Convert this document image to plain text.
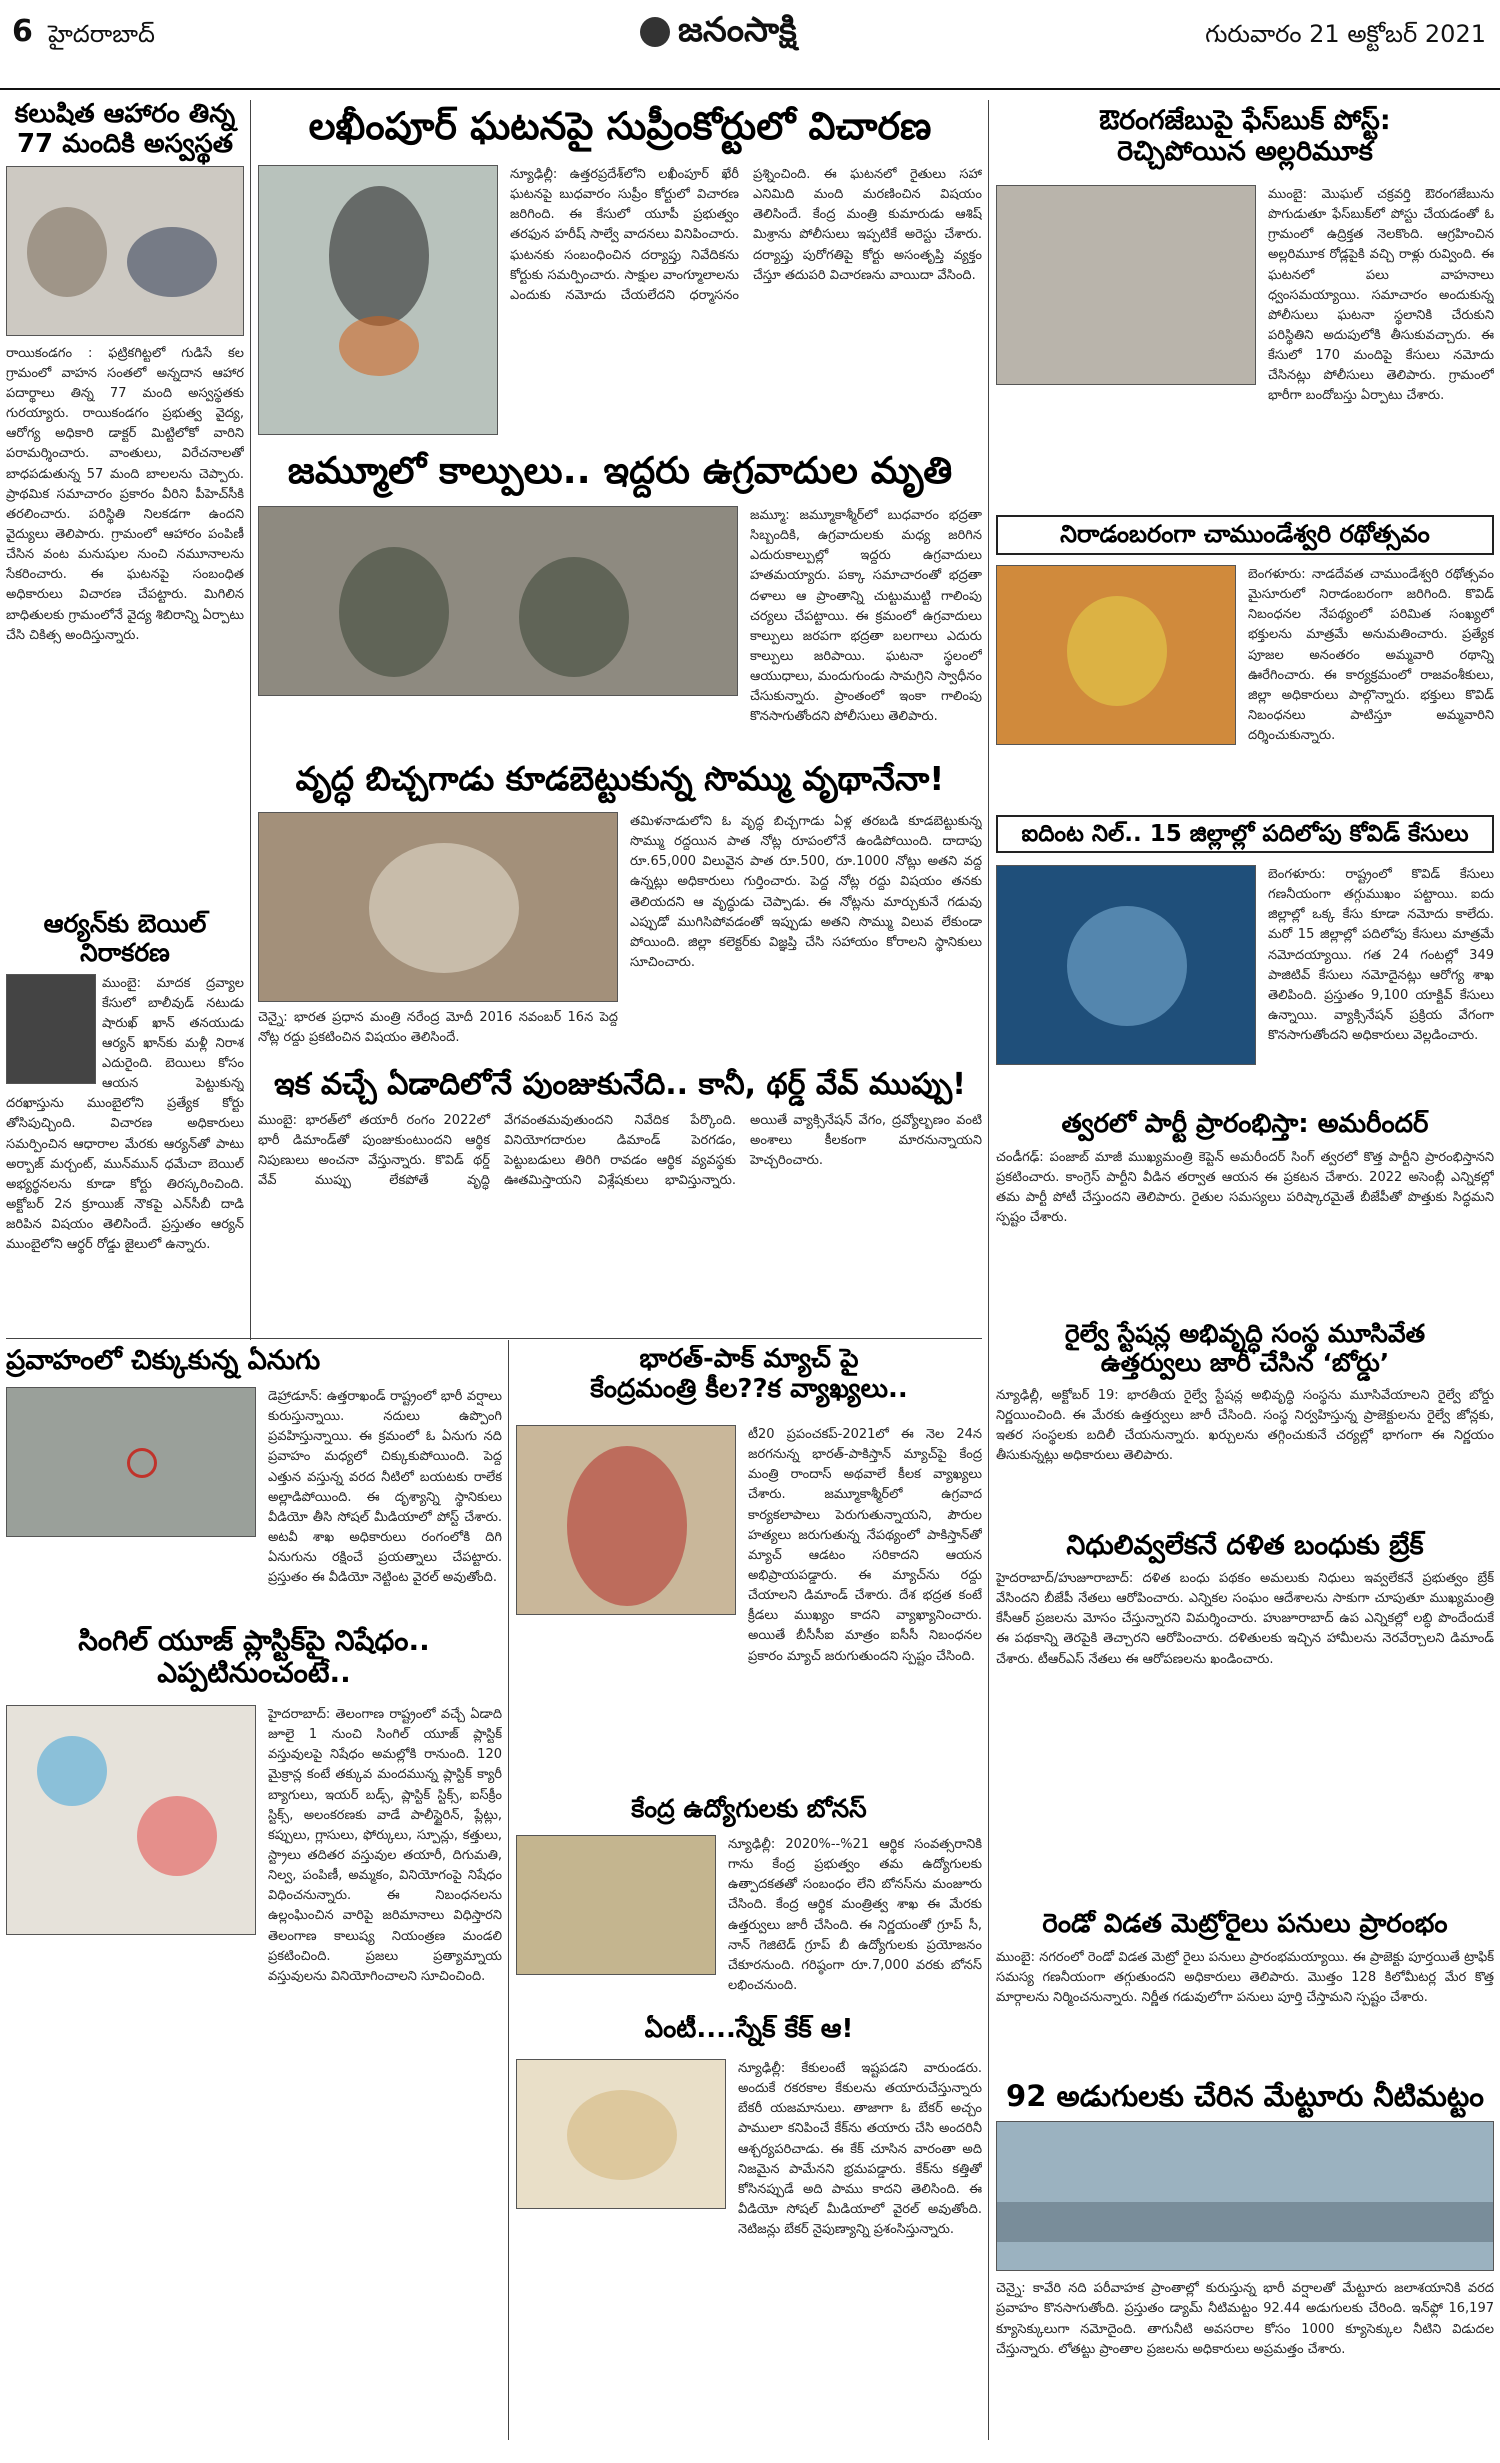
6 హైదరాబాద్	జనంసాక్షి	గురువారం 21 అక్టోబర్ 2021
కలుషిత ఆహారం తిన్న
77 మందికి అస్వస్థత
రాయికండగం : ఫట్రికగిట్టలో గుడిసే కల గ్రామంలో వాహన సంతలో అన్నదాన ఆహార పదార్థాలు తిన్న 77 మంది అస్వస్థతకు గురయ్యారు. రాయికండగం ప్రభుత్వ వైద్య, ఆరోగ్య అధికారి డాక్టర్ మిట్టిలోకో వారిని పరామర్శించారు. వాంతులు, విరేచనాలతో బాధపడుతున్న 57 మంది బాలలను చెప్పారు. ప్రాథమిక సమాచారం ప్రకారం వీరిని పీహెచ్‌సీకి తరలించారు. పరిస్థితి నిలకడగా ఉందని వైద్యులు తెలిపారు. గ్రామంలో ఆహారం పంపిణీ చేసిన వంట మనుషుల నుంచి నమూనాలను సేకరించారు. ఈ ఘటనపై సంబంధిత అధికారులు విచారణ చేపట్టారు. మిగిలిన బాధితులకు గ్రామంలోనే వైద్య శిబిరాన్ని ఏర్పాటు చేసి చికిత్స అందిస్తున్నారు.
ఆర్యన్‌కు బెయిల్
నిరాకరణ
ముంబై: మాదక ద్రవ్యాల కేసులో బాలీవుడ్ నటుడు షారుఖ్ ఖాన్ తనయుడు ఆర్యన్ ఖాన్‌కు మళ్లీ నిరాశ ఎదురైంది. బెయిలు కోసం ఆయన పెట్టుకున్న దరఖాస్తును ముంబైలోని ప్రత్యేక కోర్టు తోసిపుచ్చింది. విచారణ అధికారులు సమర్పించిన ఆధారాల మేరకు ఆర్యన్‌తో పాటు అర్బాజ్ మర్చంట్, మున్‌మున్ ధమేచా బెయిల్ అభ్యర్థనలను కూడా కోర్టు తిరస్కరించింది. అక్టోబర్ 2న క్రూయిజ్ నౌకపై ఎన్‌సీబీ దాడి జరిపిన విషయం తెలిసిందే. ప్రస్తుతం ఆర్యన్ ముంబైలోని ఆర్థర్ రోడ్డు జైలులో ఉన్నారు.
లఖీంపూర్ ఘటనపై సుప్రీంకోర్టులో విచారణ
న్యూఢిల్లీ: ఉత్తరప్రదేశ్‌లోని లఖీంపూర్ ఖేరీ ఘటనపై బుధవారం సుప్రీం కోర్టులో విచారణ జరిగింది. ఈ కేసులో యూపీ ప్రభుత్వం తరఫున హరీష్ సాల్వే వాదనలు వినిపించారు. ఘటనకు సంబంధించిన దర్యాప్తు నివేదికను కోర్టుకు సమర్పించారు. సాక్షుల వాంగ్మూలాలను ఎందుకు నమోదు చేయలేదని ధర్మాసనం ప్రశ్నించింది. ఈ ఘటనలో రైతులు సహా ఎనిమిది మంది మరణించిన విషయం తెలిసిందే. కేంద్ర మంత్రి కుమారుడు ఆశిష్ మిశ్రాను పోలీసులు ఇప్పటికే అరెస్టు చేశారు. దర్యాప్తు పురోగతిపై కోర్టు అసంతృప్తి వ్యక్తం చేస్తూ తదుపరి విచారణను వాయిదా వేసింది.
జమ్మూలో కాల్పులు.. ఇద్దరు ఉగ్రవాదుల మృతి
జమ్మూ: జమ్మూకాశ్మీర్‌లో బుధవారం భద్రతా సిబ్బందికి, ఉగ్రవాదులకు మధ్య జరిగిన ఎదురుకాల్పుల్లో ఇద్దరు ఉగ్రవాదులు హతమయ్యారు. పక్కా సమాచారంతో భద్రతా దళాలు ఆ ప్రాంతాన్ని చుట్టుముట్టి గాలింపు చర్యలు చేపట్టాయి. ఈ క్రమంలో ఉగ్రవాదులు కాల్పులు జరపగా భద్రతా బలగాలు ఎదురు కాల్పులు జరిపాయి. ఘటనా స్థలంలో ఆయుధాలు, మందుగుండు సామగ్రిని స్వాధీనం చేసుకున్నారు. ప్రాంతంలో ఇంకా గాలింపు కొనసాగుతోందని పోలీసులు తెలిపారు.
వృద్ధ బిచ్చగాడు కూడబెట్టుకున్న సొమ్ము వృథానేనా!
చెన్నై: భారత ప్రధాన మంత్రి నరేంద్ర మోదీ 2016 నవంబర్ 16న పెద్ద నోట్ల రద్దు ప్రకటించిన విషయం తెలిసిందే.
తమిళనాడులోని ఓ వృద్ధ బిచ్చగాడు ఏళ్ల తరబడి కూడబెట్టుకున్న సొమ్ము రద్దయిన పాత నోట్ల రూపంలోనే ఉండిపోయింది. దాదాపు రూ.65,000 విలువైన పాత రూ.500, రూ.1000 నోట్లు అతని వద్ద ఉన్నట్లు అధికారులు గుర్తించారు. పెద్ద నోట్ల రద్దు విషయం తనకు తెలియదని ఆ వృద్ధుడు చెప్పాడు. ఈ నోట్లను మార్చుకునే గడువు ఎప్పుడో ముగిసిపోవడంతో ఇప్పుడు అతని సొమ్ము విలువ లేకుండా పోయింది. జిల్లా కలెక్టర్‌కు విజ్ఞప్తి చేసి సహాయం కోరాలని స్థానికులు సూచించారు.
ఇక వచ్చే ఏడాదిలోనే పుంజుకునేది.. కానీ, థర్డ్ వేవ్ ముప్పు!
ముంబై: భారత్‌లో తయారీ రంగం 2022లో భారీ డిమాండ్‌తో పుంజుకుంటుందని ఆర్థిక నిపుణులు అంచనా వేస్తున్నారు. కొవిడ్ థర్డ్ వేవ్ ముప్పు లేకపోతే వృద్ధి వేగవంతమవుతుందని నివేదిక పేర్కొంది. వినియోగదారుల డిమాండ్ పెరగడం, పెట్టుబడులు తిరిగి రావడం ఆర్థిక వ్యవస్థకు ఊతమిస్తాయని విశ్లేషకులు భావిస్తున్నారు. అయితే వ్యాక్సినేషన్ వేగం, ద్రవ్యోల్బణం వంటి అంశాలు కీలకంగా మారనున్నాయని హెచ్చరించారు.
ప్రవాహంలో చిక్కుకున్న ఏనుగు
డెహ్రాడూన్: ఉత్తరాఖండ్ రాష్ట్రంలో భారీ వర్షాలు కురుస్తున్నాయి. నదులు ఉప్పొంగి ప్రవహిస్తున్నాయి. ఈ క్రమంలో ఓ ఏనుగు నది ప్రవాహం మధ్యలో చిక్కుకుపోయింది. పెద్ద ఎత్తున వస్తున్న వరద నీటిలో బయటకు రాలేక అల్లాడిపోయింది. ఈ దృశ్యాన్ని స్థానికులు వీడియో తీసి సోషల్ మీడియాలో పోస్ట్ చేశారు. అటవీ శాఖ అధికారులు రంగంలోకి దిగి ఏనుగును రక్షించే ప్రయత్నాలు చేపట్టారు. ప్రస్తుతం ఈ వీడియో నెట్టింట వైరల్ అవుతోంది.
సింగిల్ యూజ్ ప్లాస్టిక్‌పై నిషేధం..
ఎప్పటినుంచంటే..
హైదరాబాద్: తెలంగాణ రాష్ట్రంలో వచ్చే ఏడాది జూలై 1 నుంచి సింగిల్ యూజ్ ప్లాస్టిక్ వస్తువులపై నిషేధం అమల్లోకి రానుంది. 120 మైక్రాన్ల కంటే తక్కువ మందమున్న ప్లాస్టిక్ క్యారీ బ్యాగులు, ఇయర్ బడ్స్, ప్లాస్టిక్ స్టిక్స్, ఐస్‌క్రీం స్టిక్స్, అలంకరణకు వాడే పాలీస్టైరిన్, ప్లేట్లు, కప్పులు, గ్లాసులు, ఫోర్కులు, స్పూన్లు, కత్తులు, స్ట్రాలు తదితర వస్తువుల తయారీ, దిగుమతి, నిల్వ, పంపిణీ, అమ్మకం, వినియోగంపై నిషేధం విధించనున్నారు. ఈ నిబంధనలను ఉల్లంఘించిన వారిపై జరిమానాలు విధిస్తారని తెలంగాణ కాలుష్య నియంత్రణ మండలి ప్రకటించింది. ప్రజలు ప్రత్యామ్నాయ వస్తువులను వినియోగించాలని సూచించింది.
భారత్-పాక్ మ్యాచ్ పై
కేంద్రమంత్రి కీల??క వ్యాఖ్యలు..
టీ20 ప్రపంచకప్-2021లో ఈ నెల 24న జరగనున్న భారత్-పాకిస్తాన్ మ్యాచ్‌పై కేంద్ర మంత్రి రాందాస్ అథవాలే కీలక వ్యాఖ్యలు చేశారు. జమ్మూకాశ్మీర్‌లో ఉగ్రవాద కార్యకలాపాలు పెరుగుతున్నాయని, పౌరుల హత్యలు జరుగుతున్న నేపథ్యంలో పాకిస్తాన్‌తో మ్యాచ్ ఆడటం సరికాదని ఆయన అభిప్రాయపడ్డారు. ఈ మ్యాచ్‌ను రద్దు చేయాలని డిమాండ్ చేశారు. దేశ భద్రత కంటే క్రీడలు ముఖ్యం కాదని వ్యాఖ్యానించారు. అయితే బీసీసీఐ మాత్రం ఐసీసీ నిబంధనల ప్రకారం మ్యాచ్ జరుగుతుందని స్పష్టం చేసింది.
కేంద్ర ఉద్యోగులకు బోనస్
న్యూఢిల్లీ: 2020%--%21 ఆర్థిక సంవత్సరానికి గాను కేంద్ర ప్రభుత్వం తమ ఉద్యోగులకు ఉత్పాదకతతో సంబంధం లేని బోనస్‌ను మంజూరు చేసింది. కేంద్ర ఆర్థిక మంత్రిత్వ శాఖ ఈ మేరకు ఉత్తర్వులు జారీ చేసింది. ఈ నిర్ణయంతో గ్రూప్ సీ, నాన్ గెజిటెడ్ గ్రూప్ బీ ఉద్యోగులకు ప్రయోజనం చేకూరనుంది. గరిష్ఠంగా రూ.7,000 వరకు బోనస్ లభించనుంది.
ఏంటీ....స్నేక్ కేక్ ఆ!
న్యూఢిల్లీ: కేకులంటే ఇష్టపడని వారుండరు. అందుకే రకరకాల కేకులను తయారుచేస్తున్నారు బేకరీ యజమానులు. తాజాగా ఓ బేకర్ అచ్చం పాములా కనిపించే కేక్‌ను తయారు చేసి అందరినీ ఆశ్చర్యపరిచాడు. ఈ కేక్ చూసిన వారంతా అది నిజమైన పామేనని భ్రమపడ్డారు. కేక్‌ను కత్తితో కోసినప్పుడే అది పాము కాదని తెలిసింది. ఈ వీడియో సోషల్ మీడియాలో వైరల్ అవుతోంది. నెటిజన్లు బేకర్ నైపుణ్యాన్ని ప్రశంసిస్తున్నారు.
ఔరంగజేబుపై ఫేస్‌బుక్ పోస్ట్:
రెచ్చిపోయిన అల్లరిమూక
ముంబై: మొఘల్ చక్రవర్తి ఔరంగజేబును పొగుడుతూ ఫేస్‌బుక్‌లో పోస్టు చేయడంతో ఓ గ్రామంలో ఉద్రిక్తత నెలకొంది. ఆగ్రహించిన అల్లరిమూక రోడ్లపైకి వచ్చి రాళ్లు రువ్వింది. ఈ ఘటనలో పలు వాహనాలు ధ్వంసమయ్యాయి. సమాచారం అందుకున్న పోలీసులు ఘటనా స్థలానికి చేరుకుని పరిస్థితిని అదుపులోకి తీసుకువచ్చారు. ఈ కేసులో 170 మందిపై కేసులు నమోదు చేసినట్లు పోలీసులు తెలిపారు. గ్రామంలో భారీగా బందోబస్తు ఏర్పాటు చేశారు.
నిరాడంబరంగా చాముండేశ్వరి రథోత్సవం
బెంగళూరు: నాడదేవత చాముండేశ్వరి రథోత్సవం మైసూరులో నిరాడంబరంగా జరిగింది. కొవిడ్ నిబంధనల నేపథ్యంలో పరిమిత సంఖ్యలో భక్తులను మాత్రమే అనుమతించారు. ప్రత్యేక పూజల అనంతరం అమ్మవారి రథాన్ని ఊరేగించారు. ఈ కార్యక్రమంలో రాజవంశీకులు, జిల్లా అధికారులు పాల్గొన్నారు. భక్తులు కొవిడ్ నిబంధనలు పాటిస్తూ అమ్మవారిని దర్శించుకున్నారు.
ఐదింట నిల్.. 15 జిల్లాల్లో పదిలోపు కోవిడ్ కేసులు
బెంగళూరు: రాష్ట్రంలో కొవిడ్ కేసులు గణనీయంగా తగ్గుముఖం పట్టాయి. ఐదు జిల్లాల్లో ఒక్క కేసు కూడా నమోదు కాలేదు. మరో 15 జిల్లాల్లో పదిలోపు కేసులు మాత్రమే నమోదయ్యాయి. గత 24 గంటల్లో 349 పాజిటివ్ కేసులు నమోదైనట్లు ఆరోగ్య శాఖ తెలిపింది. ప్రస్తుతం 9,100 యాక్టివ్ కేసులు ఉన్నాయి. వ్యాక్సినేషన్ ప్రక్రియ వేగంగా కొనసాగుతోందని అధికారులు వెల్లడించారు.
త్వరలో పార్టీ ప్రారంభిస్తా: అమరీందర్
చండీగఢ్: పంజాబ్ మాజీ ముఖ్యమంత్రి కెప్టెన్ అమరీందర్ సింగ్ త్వరలో కొత్త పార్టీని ప్రారంభిస్తానని ప్రకటించారు. కాంగ్రెస్ పార్టీని వీడిన తర్వాత ఆయన ఈ ప్రకటన చేశారు. 2022 అసెంబ్లీ ఎన్నికల్లో తమ పార్టీ పోటీ చేస్తుందని తెలిపారు. రైతుల సమస్యలు పరిష్కారమైతే బీజేపీతో పొత్తుకు సిద్ధమని స్పష్టం చేశారు.
రైల్వే స్టేషన్ల అభివృద్ధి సంస్థ మూసివేత
ఉత్తర్వులు జారీ చేసిన ‘బోర్డు’
న్యూఢిల్లీ, అక్టోబర్ 19: భారతీయ రైల్వే స్టేషన్ల అభివృద్ధి సంస్థను మూసివేయాలని రైల్వే బోర్డు నిర్ణయించింది. ఈ మేరకు ఉత్తర్వులు జారీ చేసింది. సంస్థ నిర్వహిస్తున్న ప్రాజెక్టులను రైల్వే జోన్లకు, ఇతర సంస్థలకు బదిలీ చేయనున్నారు. ఖర్చులను తగ్గించుకునే చర్యల్లో భాగంగా ఈ నిర్ణయం తీసుకున్నట్లు అధికారులు తెలిపారు.
నిధులివ్వలేకనే దళిత బంధుకు బ్రేక్
హైదరాబాద్/హుజూరాబాద్: దళిత బంధు పథకం అమలుకు నిధులు ఇవ్వలేకనే ప్రభుత్వం బ్రేక్ వేసిందని బీజేపీ నేతలు ఆరోపించారు. ఎన్నికల సంఘం ఆదేశాలను సాకుగా చూపుతూ ముఖ్యమంత్రి కేసీఆర్ ప్రజలను మోసం చేస్తున్నారని విమర్శించారు. హుజూరాబాద్ ఉప ఎన్నికల్లో లబ్ధి పొందేందుకే ఈ పథకాన్ని తెరపైకి తెచ్చారని ఆరోపించారు. దళితులకు ఇచ్చిన హామీలను నెరవేర్చాలని డిమాండ్ చేశారు. టీఆర్‌ఎస్ నేతలు ఈ ఆరోపణలను ఖండించారు.
రెండో విడత మెట్రోరైలు పనులు ప్రారంభం
ముంబై: నగరంలో రెండో విడత మెట్రో రైలు పనులు ప్రారంభమయ్యాయి. ఈ ప్రాజెక్టు పూర్తయితే ట్రాఫిక్ సమస్య గణనీయంగా తగ్గుతుందని అధికారులు తెలిపారు. మొత్తం 128 కిలోమీటర్ల మేర కొత్త మార్గాలను నిర్మించనున్నారు. నిర్ణీత గడువులోగా పనులు పూర్తి చేస్తామని స్పష్టం చేశారు.
92 అడుగులకు చేరిన మేట్టూరు నీటిమట్టం
చెన్నై: కావేరి నది పరీవాహక ప్రాంతాల్లో కురుస్తున్న భారీ వర్షాలతో మేట్టూరు జలాశయానికి వరద ప్రవాహం కొనసాగుతోంది. ప్రస్తుతం డ్యామ్ నీటిమట్టం 92.44 అడుగులకు చేరింది. ఇన్‌ఫ్లో 16,197 క్యూసెక్కులుగా నమోదైంది. తాగునీటి అవసరాల కోసం 1000 క్యూసెక్కుల నీటిని విడుదల చేస్తున్నారు. లోతట్టు ప్రాంతాల ప్రజలను అధికారులు అప్రమత్తం చేశారు.
